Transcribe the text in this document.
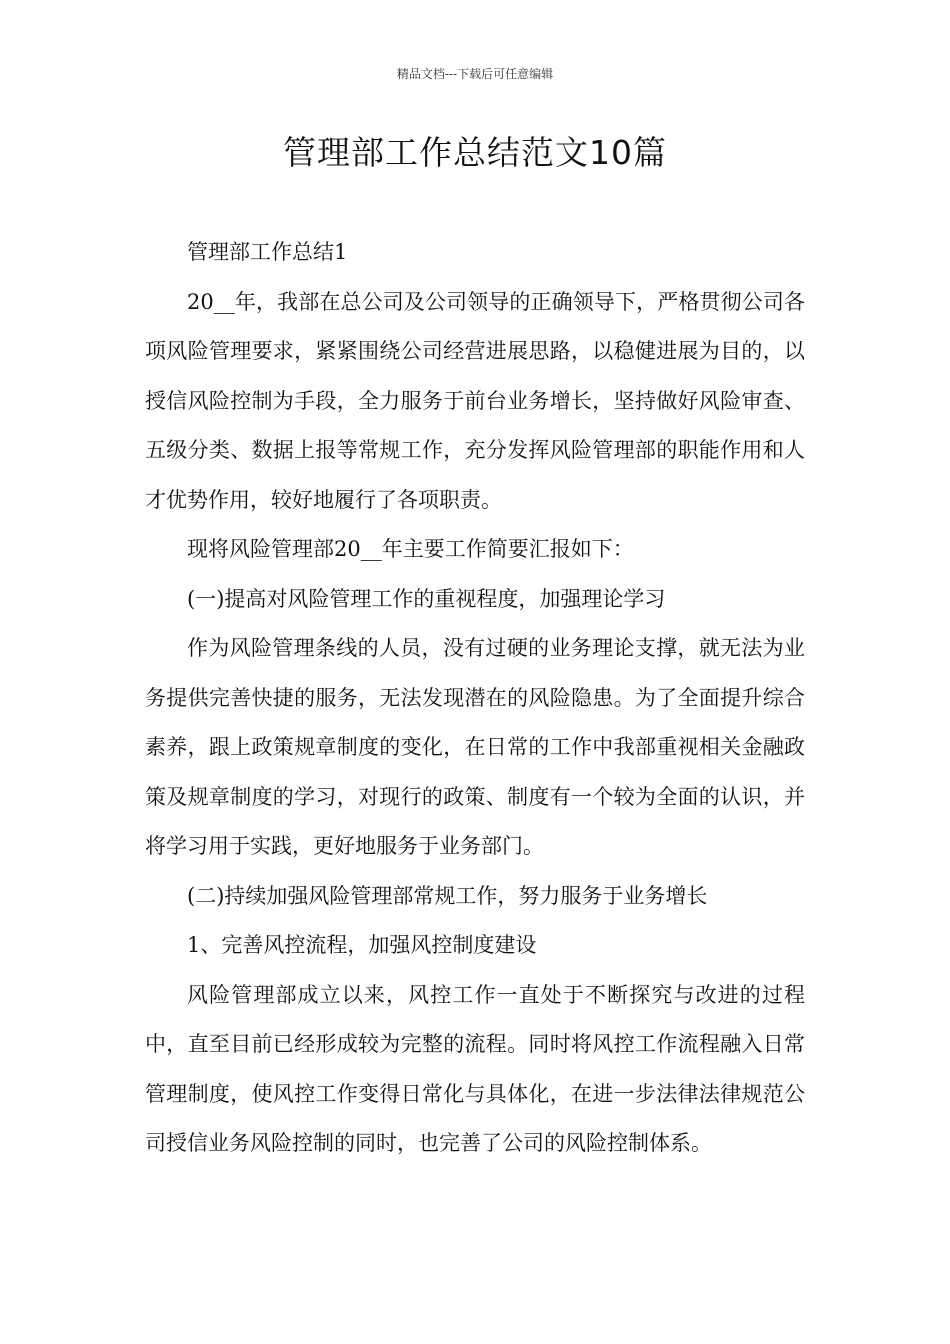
精品文档---下载后可任意编辑
管理部工作总结范文10篇

管理部工作总结1

20__年，我部在总公司及公司领导的正确领导下，严格贯彻公司各项风险管理要求，紧紧围绕公司经营进展思路，以稳健进展为目的，以授信风险控制为手段，全力服务于前台业务增长，坚持做好风险审查、五级分类、数据上报等常规工作，充分发挥风险管理部的职能作用和人才优势作用，较好地履行了各项职责。

现将风险管理部20__年主要工作简要汇报如下：

(一)提高对风险管理工作的重视程度，加强理论学习

作为风险管理条线的人员，没有过硬的业务理论支撑，就无法为业务提供完善快捷的服务，无法发现潜在的风险隐患。为了全面提升综合素养，跟上政策规章制度的变化，在日常的工作中我部重视相关金融政策及规章制度的学习，对现行的政策、制度有一个较为全面的认识，并将学习用于实践，更好地服务于业务部门。

(二)持续加强风险管理部常规工作，努力服务于业务增长

1、完善风控流程，加强风控制度建设

风险管理部成立以来，风控工作一直处于不断探究与改进的过程中，直至目前已经形成较为完整的流程。同时将风控工作流程融入日常管理制度，使风控工作变得日常化与具体化，在进一步法律法律规范公司授信业务风险控制的同时，也完善了公司的风险控制体系。
